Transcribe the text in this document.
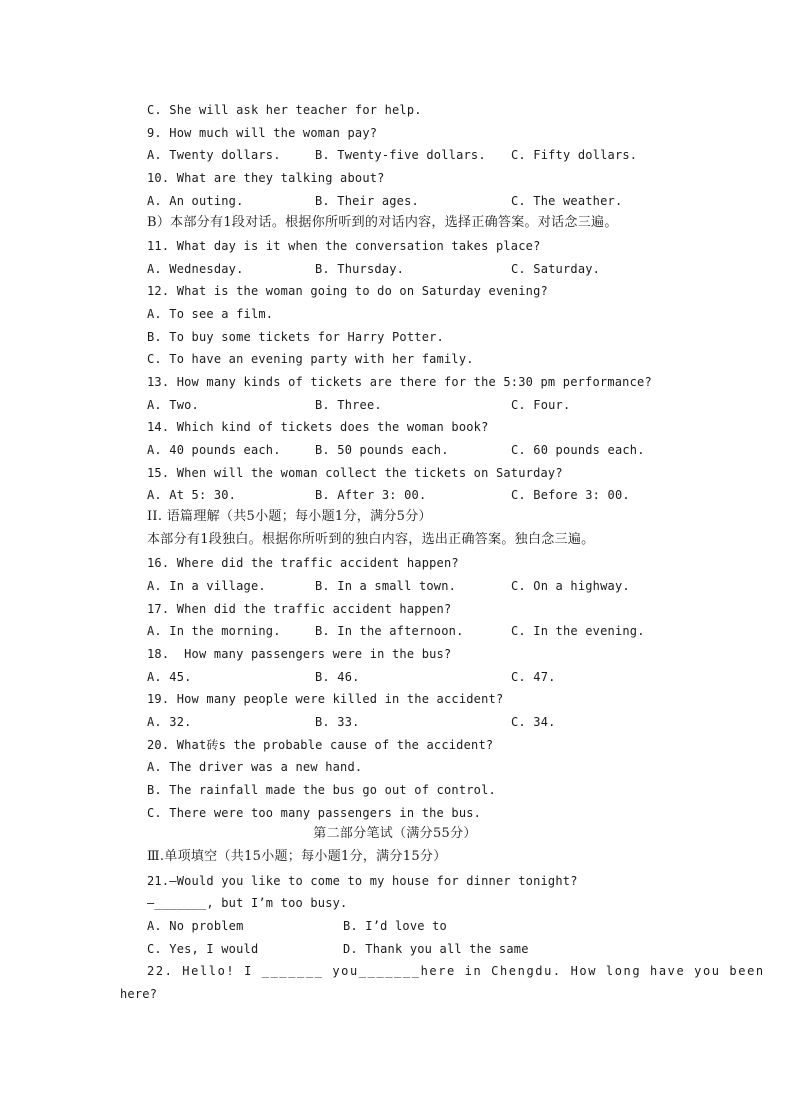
C. She will ask her teacher for help.
9. How much will the woman pay?
A. Twenty dollars.	B. Twenty-five dollars. C. Fifty dollars.
10. What are they talking about?
A. An outing.	B. Their ages.	C. The weather.
B）本部分有1段对话。根据你所听到的对话内容，选择正确答案。对话念三遍。
11. What day is it when the conversation takes place?
A. Wednesday.	B. Thursday.	C. Saturday.
12. What is the woman going to do on Saturday evening?
A. To see a film.
B. To buy some tickets for Harry Potter.
C. To have an evening party with her family.
13. How many kinds of tickets are there for the 5:30 pm performance?
A. Two.	B. Three.	C. Four.
14. Which kind of tickets does the woman book?
A. 40 pounds each.	B. 50 pounds each.	C. 60 pounds each.
15. When will the woman collect the tickets on Saturday?
A. At 5: 30.	B. After 3: 00.	C. Before 3: 00.
II. 语篇理解（共5小题；每小题1分，满分5分）
本部分有1段独白。根据你所听到的独白内容，选出正确答案。独白念三遍。
16. Where did the traffic accident happen?
A. In a village.	B. In a small town.	C. On a highway.
17. When did the traffic accident happen?
A. In the morning.	B. In the afternoon.	C. In the evening.
18.  How many passengers were in the bus?
A. 45.	B. 46.	C. 47.
19. How many people were killed in the accident?
A. 32.	B. 33.	C. 34.
20. What砖s the probable cause of the accident?
A. The driver was a new hand.
B. The rainfall made the bus go out of control.
C. There were too many passengers in the bus.
第二部分笔试（满分55分）
Ⅲ.单项填空（共15小题；每小题1分，满分15分）
21.—Would you like to come to my house for dinner tonight?
—_______, but I’m too busy.
A. No problem	B. I’d love to
C. Yes, I would	D. Thank you all the same
22. Hello! I _______ you_______here in Chengdu. How long have you been
here?
